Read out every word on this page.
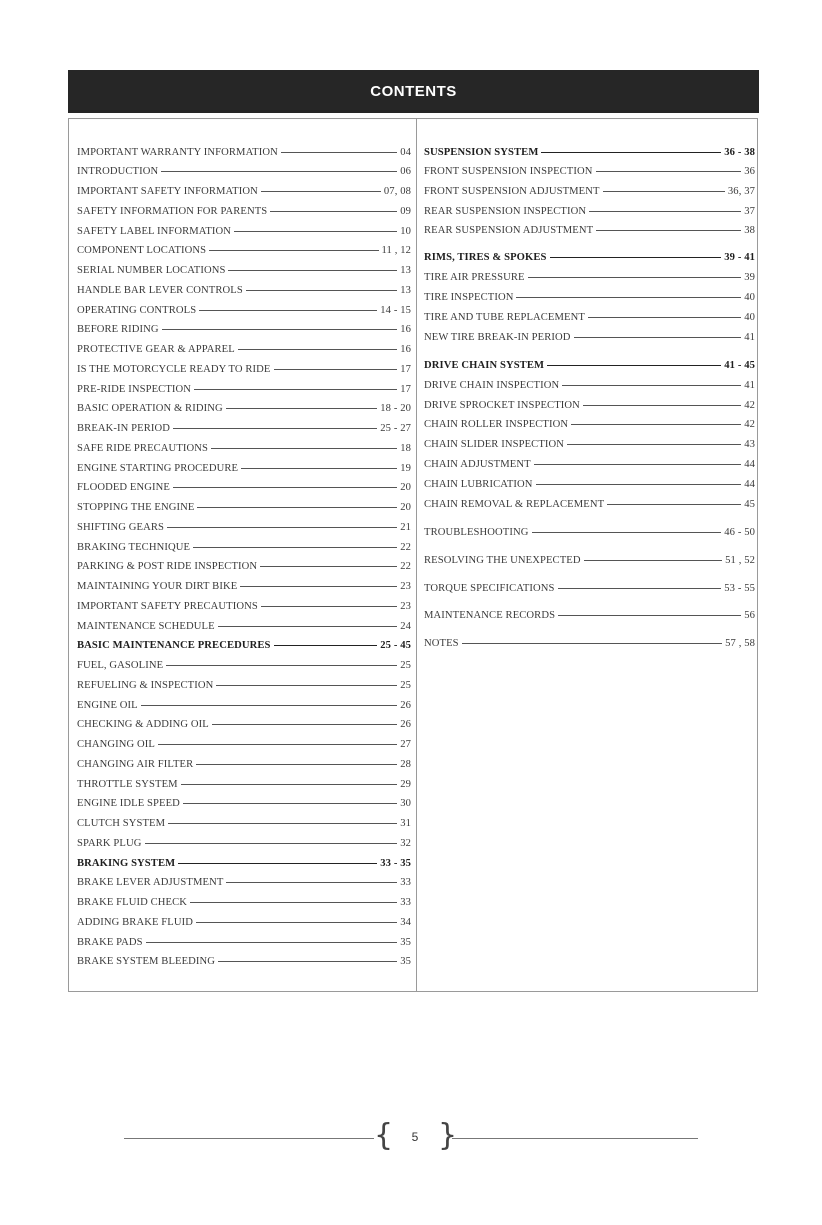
CONTENTS
IMPORTANT WARRANTY INFORMATION	04
INTRODUCTION	06
IMPORTANT SAFETY INFORMATION	07, 08
SAFETY INFORMATION FOR PARENTS	09
SAFETY LABEL INFORMATION	10
COMPONENT LOCATIONS	11 , 12
SERIAL NUMBER LOCATIONS	13
HANDLE BAR LEVER CONTROLS	13
OPERATING CONTROLS	14 - 15
BEFORE RIDING	16
PROTECTIVE GEAR & APPAREL	16
IS THE MOTORCYCLE READY TO RIDE	17
PRE-RIDE INSPECTION	17
BASIC OPERATION & RIDING	18 - 20
BREAK-IN PERIOD	25 - 27
SAFE RIDE PRECAUTIONS	18
ENGINE STARTING PROCEDURE	19
FLOODED ENGINE	20
STOPPING THE ENGINE	20
SHIFTING GEARS	21
BRAKING TECHNIQUE	22
PARKING & POST RIDE INSPECTION	22
MAINTAINING YOUR DIRT BIKE	23
IMPORTANT SAFETY PRECAUTIONS	23
MAINTENANCE SCHEDULE	24
BASIC MAINTENANCE PRECEDURES	25 - 45
FUEL, GASOLINE	25
REFUELING & INSPECTION	25
ENGINE OIL	26
CHECKING & ADDING OIL	26
CHANGING OIL	27
CHANGING AIR FILTER	28
THROTTLE SYSTEM	29
ENGINE IDLE SPEED	30
CLUTCH SYSTEM	31
SPARK PLUG	32
BRAKING SYSTEM	33 - 35
BRAKE LEVER ADJUSTMENT	33
BRAKE FLUID CHECK	33
ADDING BRAKE FLUID	34
BRAKE PADS	35
BRAKE SYSTEM BLEEDING	35
SUSPENSION SYSTEM	36 - 38
FRONT SUSPENSION INSPECTION	36
FRONT SUSPENSION ADJUSTMENT	36, 37
REAR SUSPENSION INSPECTION	37
REAR SUSPENSION ADJUSTMENT	38
RIMS, TIRES & SPOKES	39 - 41
TIRE AIR PRESSURE	39
TIRE INSPECTION	40
TIRE AND TUBE REPLACEMENT	40
NEW TIRE BREAK-IN PERIOD	41
DRIVE CHAIN SYSTEM	41 - 45
DRIVE CHAIN INSPECTION	41
DRIVE SPROCKET INSPECTION	42
CHAIN ROLLER INSPECTION	42
CHAIN SLIDER INSPECTION	43
CHAIN ADJUSTMENT	44
CHAIN LUBRICATION	44
CHAIN REMOVAL & REPLACEMENT	45
TROUBLESHOOTING	46 - 50
RESOLVING THE UNEXPECTED	51 , 52
TORQUE SPECIFICATIONS	53 - 55
MAINTENANCE RECORDS	56
NOTES	57 , 58
{ }
5
